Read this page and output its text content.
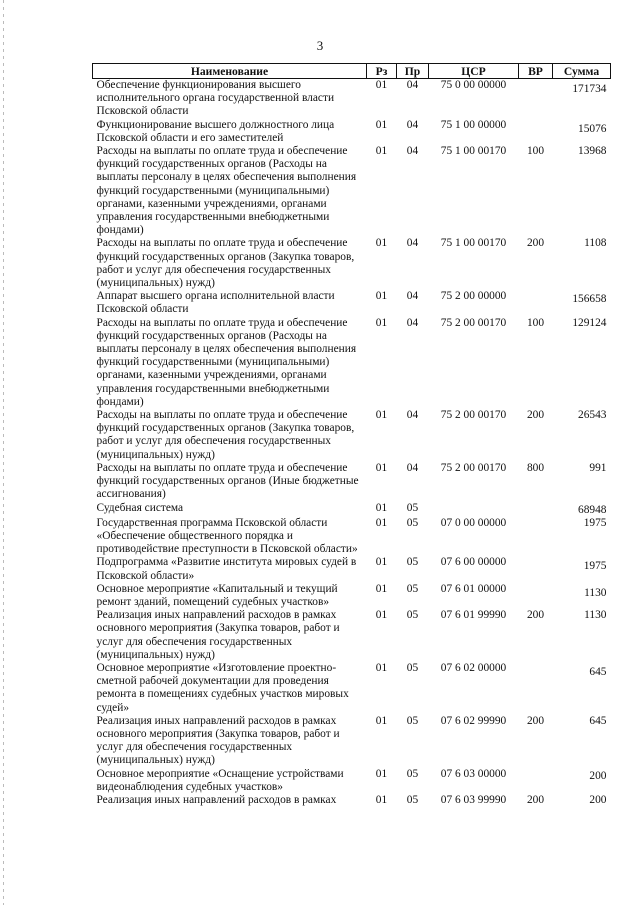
3
Наименование	Рз	Пр	ЦСР	ВР	Сумма
Обеспечение функционирования высшего исполнительного органа государственной власти Псковской области	01	04	75 0 00 00000		171734
Функционирование высшего должностного лица Псковской области и его заместителей	01	04	75 1 00 00000		15076
Расходы на выплаты по оплате труда и обеспечение функций государственных органов (Расходы на выплаты персоналу в целях обеспечения выполнения функций государственными (муниципальными) органами, казенными учреждениями, органами управления государственными внебюджетными фондами)	01	04	75 1 00 00170	100	13968
Расходы на выплаты по оплате труда и обеспечение функций государственных органов (Закупка товаров, работ и услуг для обеспечения государственных (муниципальных) нужд)	01	04	75 1 00 00170	200	1108
Аппарат высшего органа исполнительной власти Псковской области	01	04	75 2 00 00000		156658
Расходы на выплаты по оплате труда и обеспечение функций государственных органов (Расходы на выплаты персоналу в целях обеспечения выполнения функций государственными (муниципальными) органами, казенными учреждениями, органами управления государственными внебюджетными фондами)	01	04	75 2 00 00170	100	129124
Расходы на выплаты по оплате труда и обеспечение функций государственных органов (Закупка товаров, работ и услуг для обеспечения государственных (муниципальных) нужд)	01	04	75 2 00 00170	200	26543
Расходы на выплаты по оплате труда и обеспечение функций государственных органов (Иные бюджетные ассигнования)	01	04	75 2 00 00170	800	991
Судебная система	01	05			68948
Государственная программа Псковской области «Обеспечение общественного порядка и противодействие преступности в Псковской области»	01	05	07 0 00 00000		1975
Подпрограмма «Развитие института мировых судей в Псковской области»	01	05	07 6 00 00000		1975
Основное мероприятие «Капитальный и текущий ремонт зданий, помещений судебных участков»	01	05	07 6 01 00000		1130
Реализация иных направлений расходов в рамках основного мероприятия (Закупка товаров, работ и услуг для обеспечения государственных (муниципальных) нужд)	01	05	07 6 01 99990	200	1130
Основное мероприятие «Изготовление проектно-сметной рабочей документации для проведения ремонта в помещениях судебных участков мировых судей»	01	05	07 6 02 00000		645
Реализация иных направлений расходов в рамках основного мероприятия (Закупка товаров, работ и услуг для обеспечения государственных (муниципальных) нужд)	01	05	07 6 02 99990	200	645
Основное мероприятие «Оснащение устройствами видеонаблюдения судебных участков»	01	05	07 6 03 00000		200
Реализация иных направлений расходов в рамках	01	05	07 6 03 99990	200	200
